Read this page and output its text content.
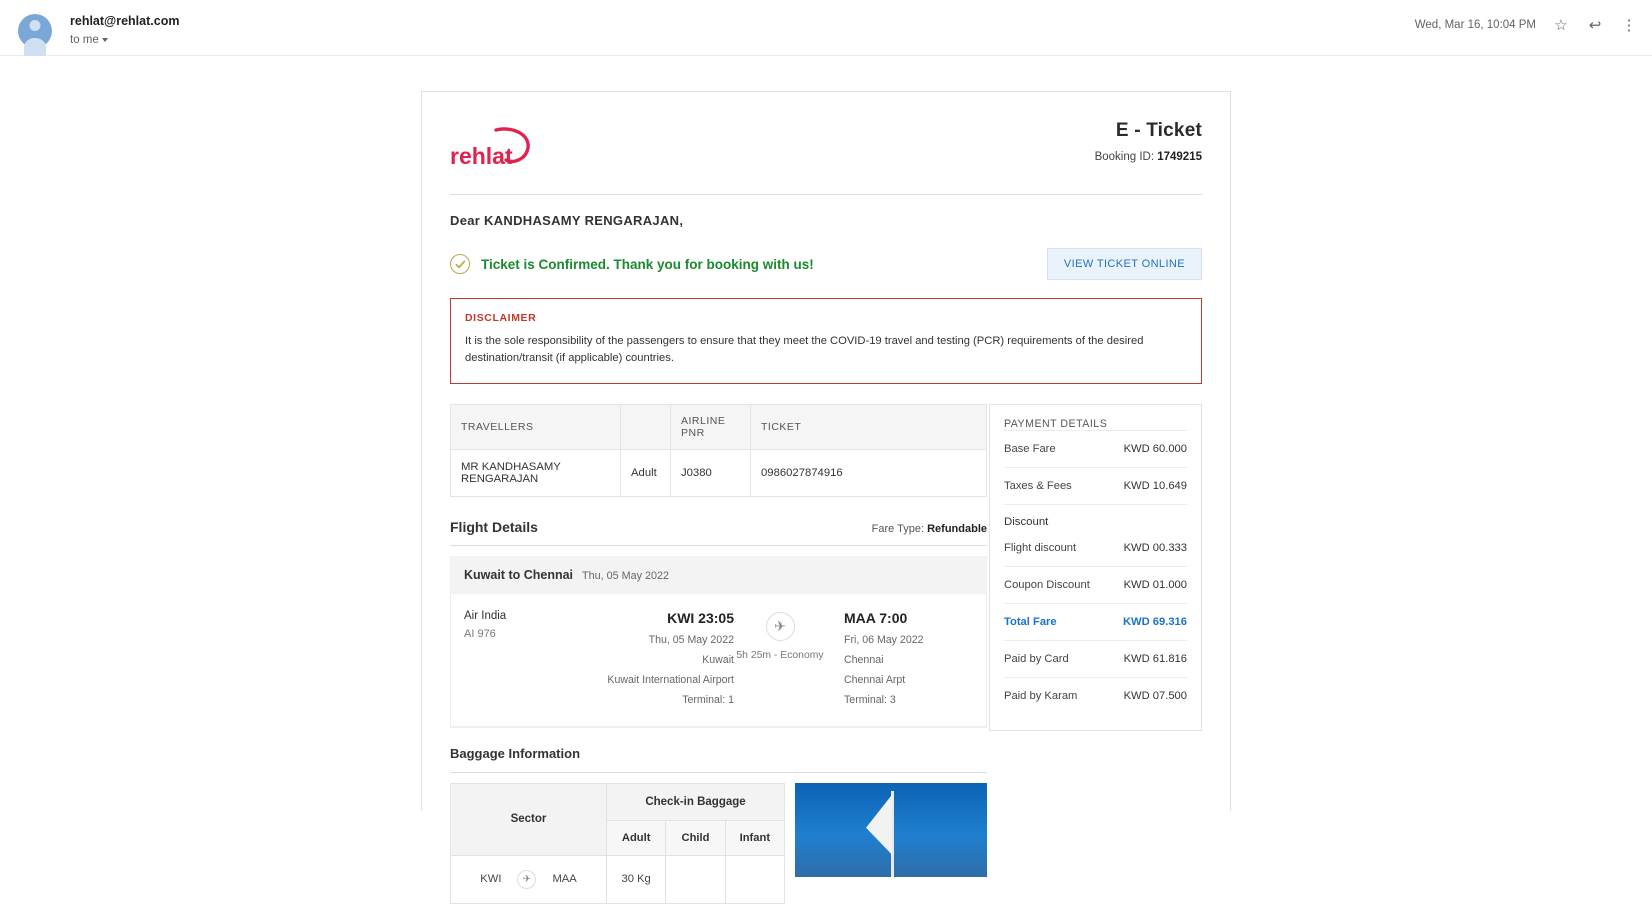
rehlat@rehlat.com
to me
Wed, Mar 16, 10:04 PM ☆ ↩ ⋮
rehlat
E - Ticket
Booking ID: 1749215
Dear KANDHASAMY RENGARAJAN,
Ticket is Confirmed. Thank you for booking with us!	VIEW TICKET ONLINE
DISCLAIMER
It is the sole responsibility of the passengers to ensure that they meet the COVID-19 travel and testing (PCR) requirements of the desired destination/transit (if applicable) countries.
TRAVELLERS		AIRLINE PNR	TICKET
MR KANDHASAMY RENGARAJAN	Adult	J0380	0986027874916
Flight Details	Fare Type: Refundable
Kuwait to Chennai Thu, 05 May 2022
Air India
AI 976
KWI 23:05
Thu, 05 May 2022
Kuwait
Kuwait International Airport
Terminal: 1
✈
5h 25m - Economy
MAA 7:00
Fri, 06 May 2022
Chennai
Chennai Arpt
Terminal: 3
Baggage Information
Sector	Check-in Baggage		
	Adult	Child	Infant

KWI ✈ MAA	30 Kg		
PAYMENT DETAILS
Base Fare	KWD 60.000
Taxes & Fees	KWD 10.649
Discount
Flight discount	KWD 00.333
Coupon Discount	KWD 01.000
Total Fare	KWD 69.316
Paid by Card	KWD 61.816
Paid by Karam	KWD 07.500
